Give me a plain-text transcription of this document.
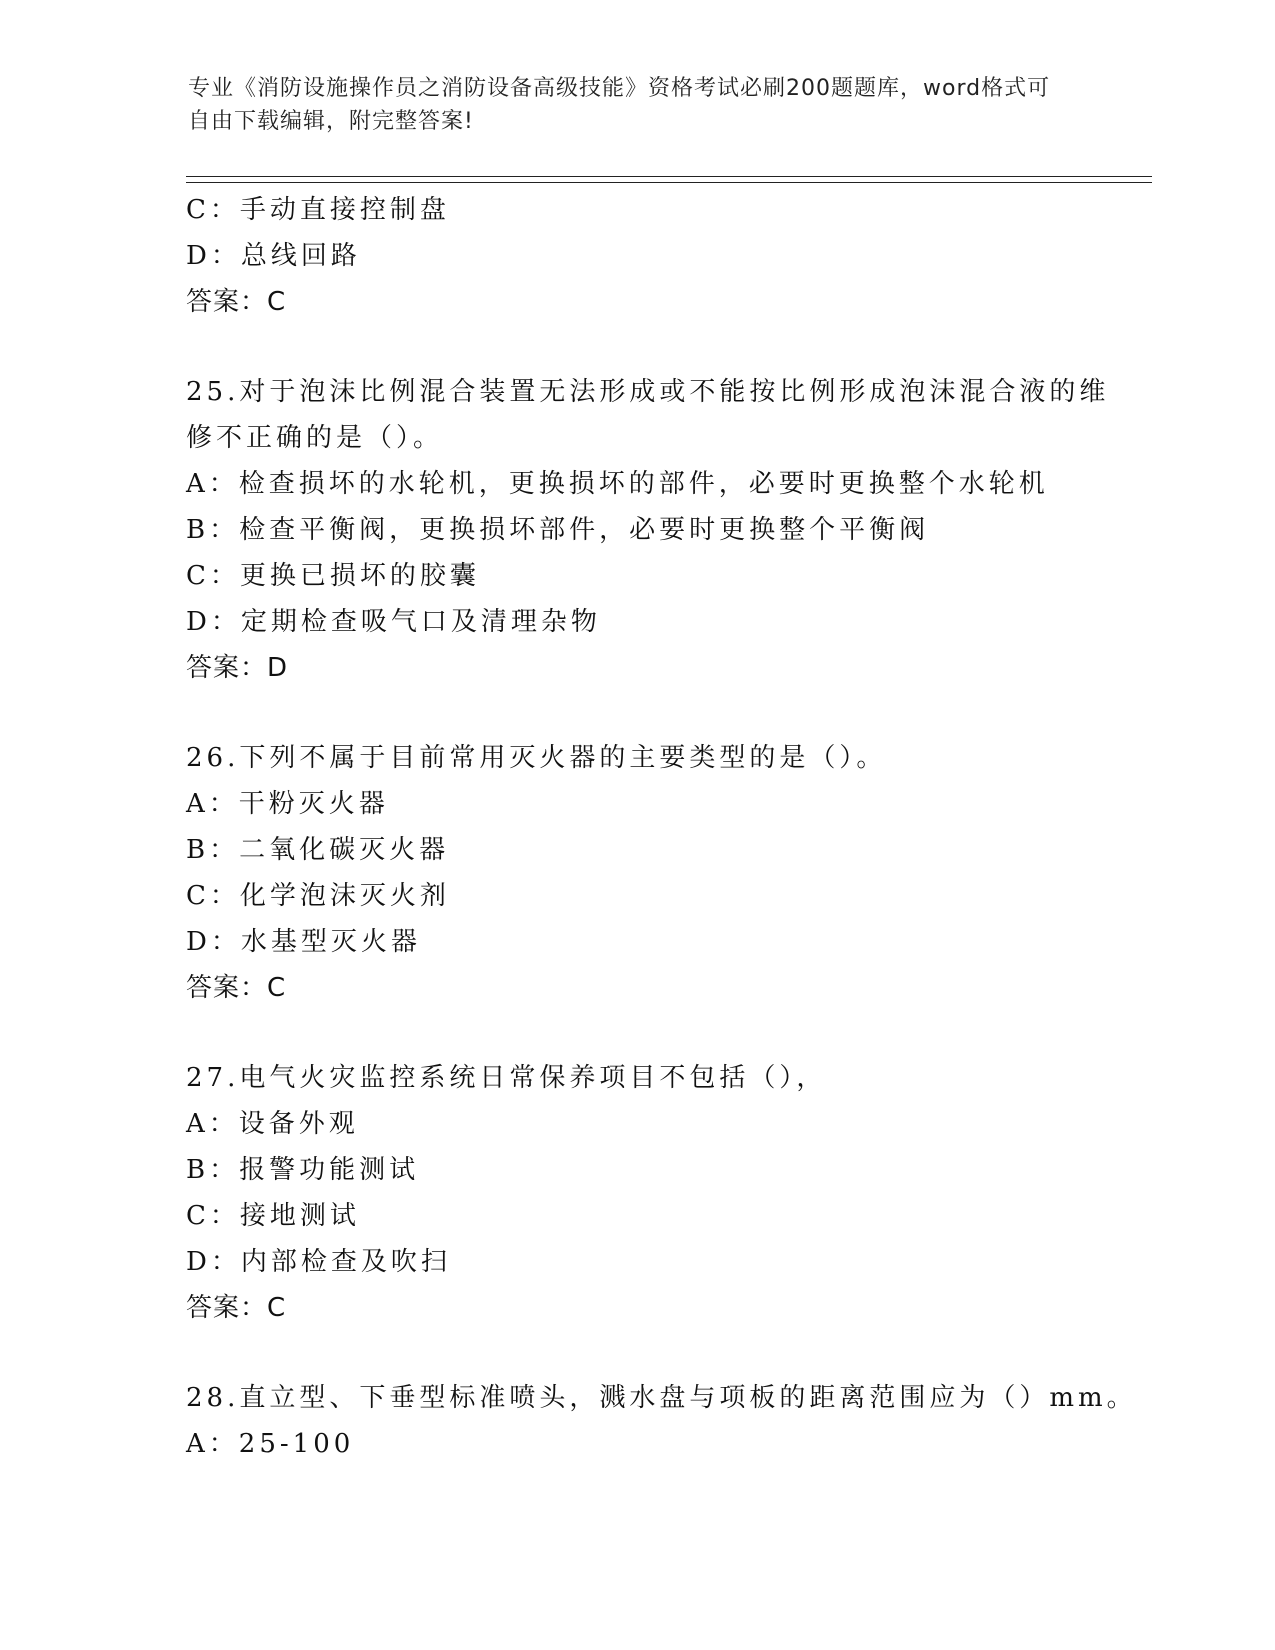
专业《消防设施操作员之消防设备高级技能》资格考试必刷200题题库，word格式可自由下载编辑，附完整答案!
C：手动直接控制盘
D：总线回路
答案：C
25.对于泡沫比例混合装置无法形成或不能按比例形成泡沫混合液的维
修不正确的是（）。
A：检查损坏的水轮机，更换损坏的部件，必要时更换整个水轮机
B：检查平衡阀，更换损坏部件，必要时更换整个平衡阀
C：更换已损坏的胶囊
D：定期检查吸气口及清理杂物
答案：D
26.下列不属于目前常用灭火器的主要类型的是（）。
A：干粉灭火器
B：二氧化碳灭火器
C：化学泡沫灭火剂
D：水基型灭火器
答案：C
27.电气火灾监控系统日常保养项目不包括（），
A：设备外观
B：报警功能测试
C：接地测试
D：内部检查及吹扫
答案：C
28.直立型、下垂型标准喷头，溅水盘与项板的距离范围应为（）mm。
A：25-100
